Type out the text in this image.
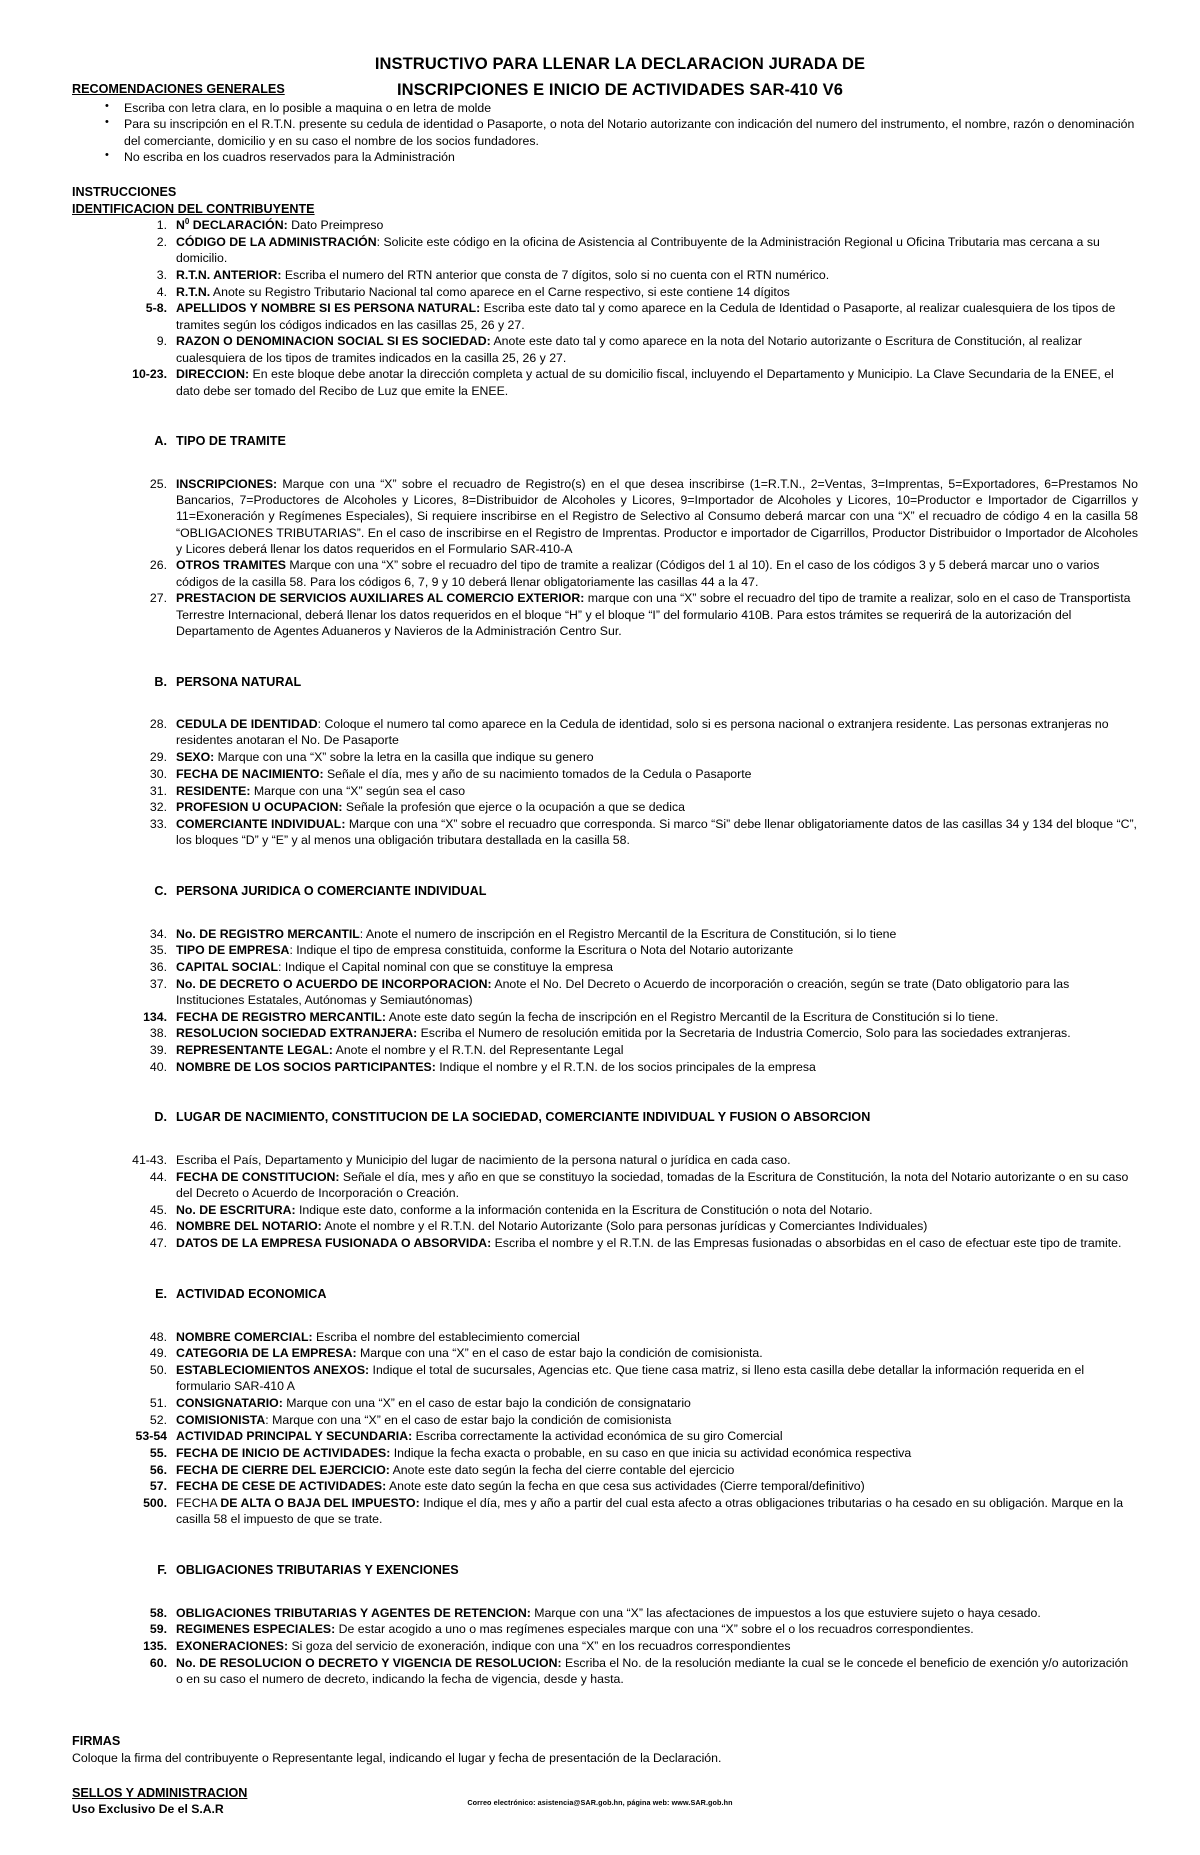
INSTRUCTIVO PARA LLENAR LA DECLARACION JURADA DE
INSCRIPCIONES E INICIO DE ACTIVIDADES SAR-410 V6
RECOMENDACIONES GENERALES
• Escriba con letra clara, en lo posible a maquina o en letra de molde
• Para su inscripción en el R.T.N. presente su cedula de identidad o Pasaporte, o nota del Notario autorizante con indicación del numero del instrumento, el nombre, razón o denominación del comerciante, domicilio y en su caso el nombre de los socios fundadores.
• No escriba en los cuadros reservados para la Administración
INSTRUCCIONES
IDENTIFICACION DEL CONTRIBUYENTE
1. $N^0$ DECLARACIÓN: Dato Preimpreso
2. CÓDIGO DE LA ADMINISTRACIÓN: Solicite este código en la oficina de Asistencia al Contribuyente de la Administración Regional u Oficina Tributaria mas cercana a su domicilio.
3. R.T.N. ANTERIOR: Escriba el numero del RTN anterior que consta de 7 dígitos, solo si no cuenta con el RTN numérico.
4. R.T.N. Anote su Registro Tributario Nacional tal como aparece en el Carne respectivo, si este contiene 14 dígitos
5-8. APELLIDOS Y NOMBRE SI ES PERSONA NATURAL: Escriba este dato tal y como aparece en la Cedula de Identidad o Pasaporte, al realizar cualesquiera de los tipos de tramites según los códigos indicados en las casillas 25, 26 y 27.
9. RAZON O DENOMINACION SOCIAL SI ES SOCIEDAD: Anote este dato tal y como aparece en la nota del Notario autorizante o Escritura de Constitución, al realizar cualesquiera de los tipos de tramites indicados en la casilla 25, 26 y 27.
10-23. DIRECCION: En este bloque debe anotar la dirección completa y actual de su domicilio fiscal, incluyendo el Departamento y Municipio. La Clave Secundaria de la ENEE, el dato debe ser tomado del Recibo de Luz que emite la ENEE.
A. TIPO DE TRAMITE
25. INSCRIPCIONES: Marque con una “X” sobre el recuadro de Registro(s) en el que desea inscribirse (1=R.T.N., 2=Ventas, 3=Imprentas, 5=Exportadores, 6=Prestamos No Bancarios, 7=Productores de Alcoholes y Licores, 8=Distribuidor de Alcoholes y Licores, 9=Importador de Alcoholes y Licores, 10=Productor e Importador de Cigarrillos y 11=Exoneración y Regímenes Especiales), Si requiere inscribirse en el Registro de Selectivo al Consumo deberá marcar con una “X” el recuadro de código 4 en la casilla 58 “OBLIGACIONES TRIBUTARIAS”. En el caso de inscribirse en el Registro de Imprentas. Productor e importador de Cigarrillos, Productor Distribuidor o Importador de Alcoholes y Licores deberá llenar los datos requeridos en el Formulario SAR-410-A
26. OTROS TRAMITES Marque con una “X” sobre el recuadro del tipo de tramite a realizar (Códigos del 1 al 10). En el caso de los códigos 3 y 5 deberá marcar uno o varios códigos de la casilla 58. Para los códigos 6, 7, 9 y 10 deberá llenar obligatoriamente las casillas 44 a la 47.
27. PRESTACION DE SERVICIOS AUXILIARES AL COMERCIO EXTERIOR: marque con una “X” sobre el recuadro del tipo de tramite a realizar, solo en el caso de Transportista Terrestre Internacional, deberá llenar los datos requeridos en el bloque “H” y el bloque “I” del formulario 410B. Para estos trámites se requerirá de la autorización del Departamento de Agentes Aduaneros y Navieros de la Administración Centro Sur.
B. PERSONA NATURAL
28. CEDULA DE IDENTIDAD: Coloque el numero tal como aparece en la Cedula de identidad, solo si es persona nacional o extranjera residente. Las personas extranjeras no residentes anotaran el No. De Pasaporte
29. SEXO: Marque con una “X” sobre la letra en la casilla que indique su genero
30. FECHA DE NACIMIENTO: Señale el día, mes y año de su nacimiento tomados de la Cedula o Pasaporte
31. RESIDENTE: Marque con una “X” según sea el caso
32. PROFESION U OCUPACION: Señale la profesión que ejerce o la ocupación a que se dedica
33. COMERCIANTE INDIVIDUAL: Marque con una “X” sobre el recuadro que corresponda. Si marco “Si” debe llenar obligatoriamente datos de las casillas 34 y 134 del bloque “C”, los bloques “D” y “E” y al menos una obligación tributara destallada en la casilla 58.
C. PERSONA JURIDICA O COMERCIANTE INDIVIDUAL
34. No. DE REGISTRO MERCANTIL: Anote el numero de inscripción en el Registro Mercantil de la Escritura de Constitución, si lo tiene
35. TIPO DE EMPRESA: Indique el tipo de empresa constituida, conforme la Escritura o Nota del Notario autorizante
36. CAPITAL SOCIAL: Indique el Capital nominal con que se constituye la empresa
37. No. DE DECRETO O ACUERDO DE INCORPORACION: Anote el No. Del Decreto o Acuerdo de incorporación o creación, según se trate (Dato obligatorio para las Instituciones Estatales, Autónomas y Semiautónomas)
134. FECHA DE REGISTRO MERCANTIL: Anote este dato según la fecha de inscripción en el Registro Mercantil de la Escritura de Constitución si lo tiene.
38. RESOLUCION SOCIEDAD EXTRANJERA: Escriba el Numero de resolución emitida por la Secretaria de Industria Comercio, Solo para las sociedades extranjeras.
39. REPRESENTANTE LEGAL: Anote el nombre y el R.T.N. del Representante Legal
40. NOMBRE DE LOS SOCIOS PARTICIPANTES: Indique el nombre y el R.T.N. de los socios principales de la empresa
D. LUGAR DE NACIMIENTO, CONSTITUCION DE LA SOCIEDAD, COMERCIANTE INDIVIDUAL Y FUSION O ABSORCION
41-43. Escriba el País, Departamento y Municipio del lugar de nacimiento de la persona natural o jurídica en cada caso.
44. FECHA DE CONSTITUCION: Señale el día, mes y año en que se constituyo la sociedad, tomadas de la Escritura de Constitución, la nota del Notario autorizante o en su caso del Decreto o Acuerdo de Incorporación o Creación.
45. No. DE ESCRITURA: Indique este dato, conforme a la información contenida en la Escritura de Constitución o nota del Notario.
46. NOMBRE DEL NOTARIO: Anote el nombre y el R.T.N. del Notario Autorizante (Solo para personas jurídicas y Comerciantes Individuales)
47. DATOS DE LA EMPRESA FUSIONADA O ABSORVIDA: Escriba el nombre y el R.T.N. de las Empresas fusionadas o absorbidas en el caso de efectuar este tipo de tramite.
E. ACTIVIDAD ECONOMICA
48. NOMBRE COMERCIAL: Escriba el nombre del establecimiento comercial
49. CATEGORIA DE LA EMPRESA: Marque con una “X” en el caso de estar bajo la condición de comisionista.
50. ESTABLECIOMIENTOS ANEXOS: Indique el total de sucursales, Agencias etc. Que tiene casa matriz, si lleno esta casilla debe detallar la información requerida en el formulario SAR-410 A
51. CONSIGNATARIO: Marque con una “X” en el caso de estar bajo la condición de consignatario
52. COMISIONISTA: Marque con una “X” en el caso de estar bajo la condición de comisionista
53-54 ACTIVIDAD PRINCIPAL Y SECUNDARIA: Escriba correctamente la actividad económica de su giro Comercial
55. FECHA DE INICIO DE ACTIVIDADES: Indique la fecha exacta o probable, en su caso en que inicia su actividad económica respectiva
56. FECHA DE CIERRE DEL EJERCICIO: Anote este dato según la fecha del cierre contable del ejercicio
57. FECHA DE CESE DE ACTIVIDADES: Anote este dato según la fecha en que cesa sus actividades (Cierre temporal/definitivo)
500. FECHA DE ALTA O BAJA DEL IMPUESTO: Indique el día, mes y año a partir del cual esta afecto a otras obligaciones tributarias o ha cesado en su obligación. Marque en la casilla 58 el impuesto de que se trate.
F. OBLIGACIONES TRIBUTARIAS Y EXENCIONES
58. OBLIGACIONES TRIBUTARIAS Y AGENTES DE RETENCION: Marque con una “X” las afectaciones de impuestos a los que estuviere sujeto o haya cesado.
59. REGIMENES ESPECIALES: De estar acogido a uno o mas regímenes especiales marque con una “X” sobre el o los recuadros correspondientes.
135. EXONERACIONES: Si goza del servicio de exoneración, indique con una “X” en los recuadros correspondientes
60. No. DE RESOLUCION O DECRETO Y VIGENCIA DE RESOLUCION: Escriba el No. de la resolución mediante la cual se le concede el beneficio de exención y/o autorización o en su caso el numero de decreto, indicando la fecha de vigencia, desde y hasta.
FIRMAS
Coloque la firma del contribuyente o Representante legal, indicando el lugar y fecha de presentación de la Declaración.
SELLOS Y ADMINISTRACION
Uso Exclusivo De el S.A.R
Correo electrónico: asistencia@SAR.gob.hn, página web: www.SAR.gob.hn
